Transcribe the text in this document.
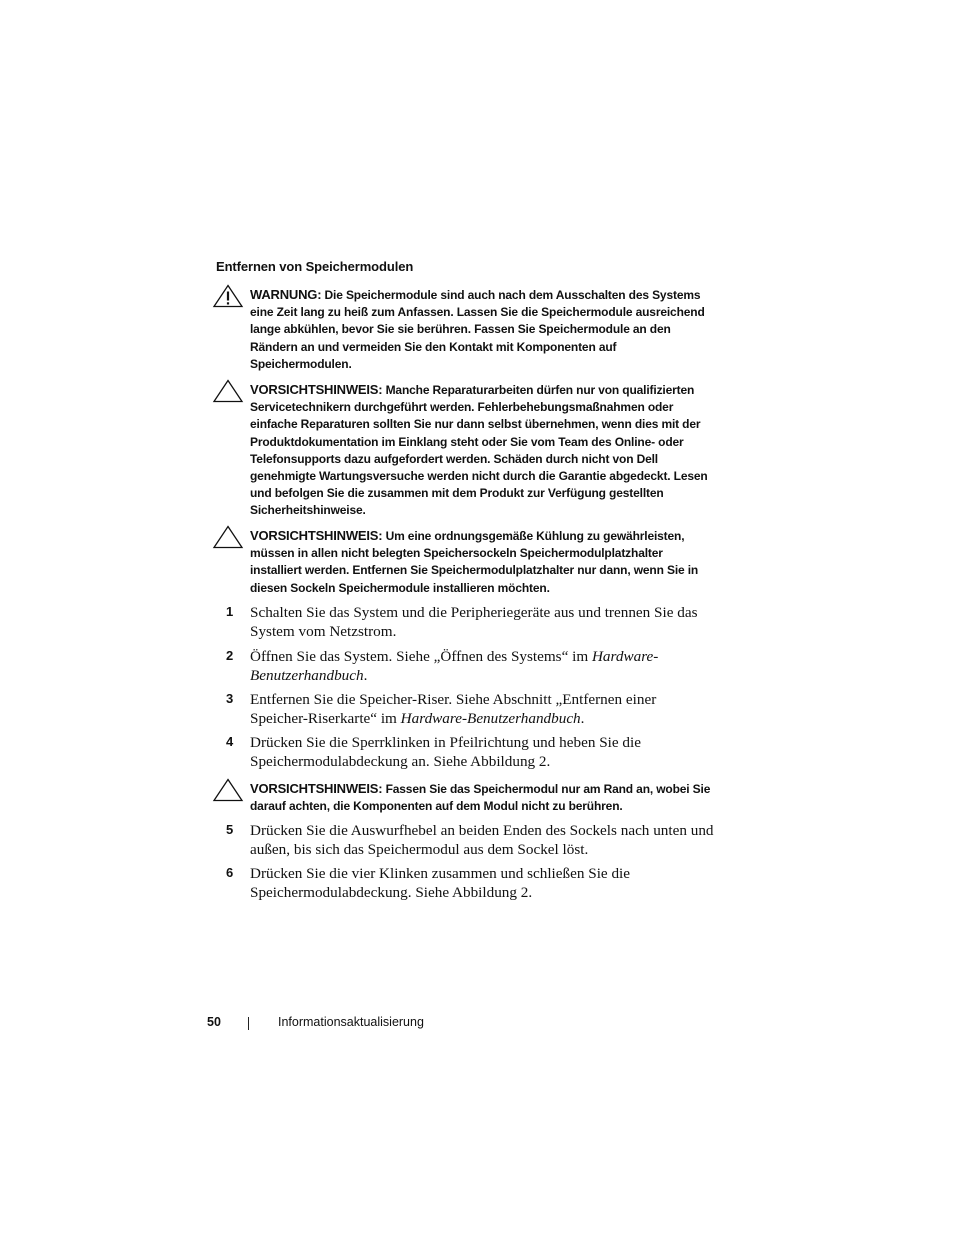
Entfernen von Speichermodulen
WARNUNG: Die Speichermodule sind auch nach dem Ausschalten des Systems eine Zeit lang zu heiß zum Anfassen. Lassen Sie die Speichermodule ausreichend lange abkühlen, bevor Sie sie berühren. Fassen Sie Speichermodule an den Rändern an und vermeiden Sie den Kontakt mit Komponenten auf Speichermodulen.
VORSICHTSHINWEIS: Manche Reparaturarbeiten dürfen nur von qualifizierten Servicetechnikern durchgeführt werden. Fehlerbehebungsmaßnahmen oder einfache Reparaturen sollten Sie nur dann selbst übernehmen, wenn dies mit der Produktdokumentation im Einklang steht oder Sie vom Team des Online- oder Telefonsupports dazu aufgefordert werden. Schäden durch nicht von Dell genehmigte Wartungsversuche werden nicht durch die Garantie abgedeckt. Lesen und befolgen Sie die zusammen mit dem Produkt zur Verfügung gestellten Sicherheitshinweise.
VORSICHTSHINWEIS: Um eine ordnungsgemäße Kühlung zu gewährleisten, müssen in allen nicht belegten Speichersockeln Speichermodulplatzhalter installiert werden. Entfernen Sie Speichermodulplatzhalter nur dann, wenn Sie in diesen Sockeln Speichermodule installieren möchten.
1 Schalten Sie das System und die Peripheriegeräte aus und trennen Sie das System vom Netzstrom.
2 Öffnen Sie das System. Siehe „Öffnen des Systems“ im Hardware-Benutzerhandbuch.
3 Entfernen Sie die Speicher-Riser. Siehe Abschnitt „Entfernen einer Speicher-Riserkarte“ im Hardware-Benutzerhandbuch.
4 Drücken Sie die Sperrklinken in Pfeilrichtung und heben Sie die Speichermodulabdeckung an. Siehe Abbildung 2.
VORSICHTSHINWEIS: Fassen Sie das Speichermodul nur am Rand an, wobei Sie darauf achten, die Komponenten auf dem Modul nicht zu berühren.
5 Drücken Sie die Auswurfhebel an beiden Enden des Sockels nach unten und außen, bis sich das Speichermodul aus dem Sockel löst.
6 Drücken Sie die vier Klinken zusammen und schließen Sie die Speichermodulabdeckung. Siehe Abbildung 2.
50	Informationsaktualisierung
